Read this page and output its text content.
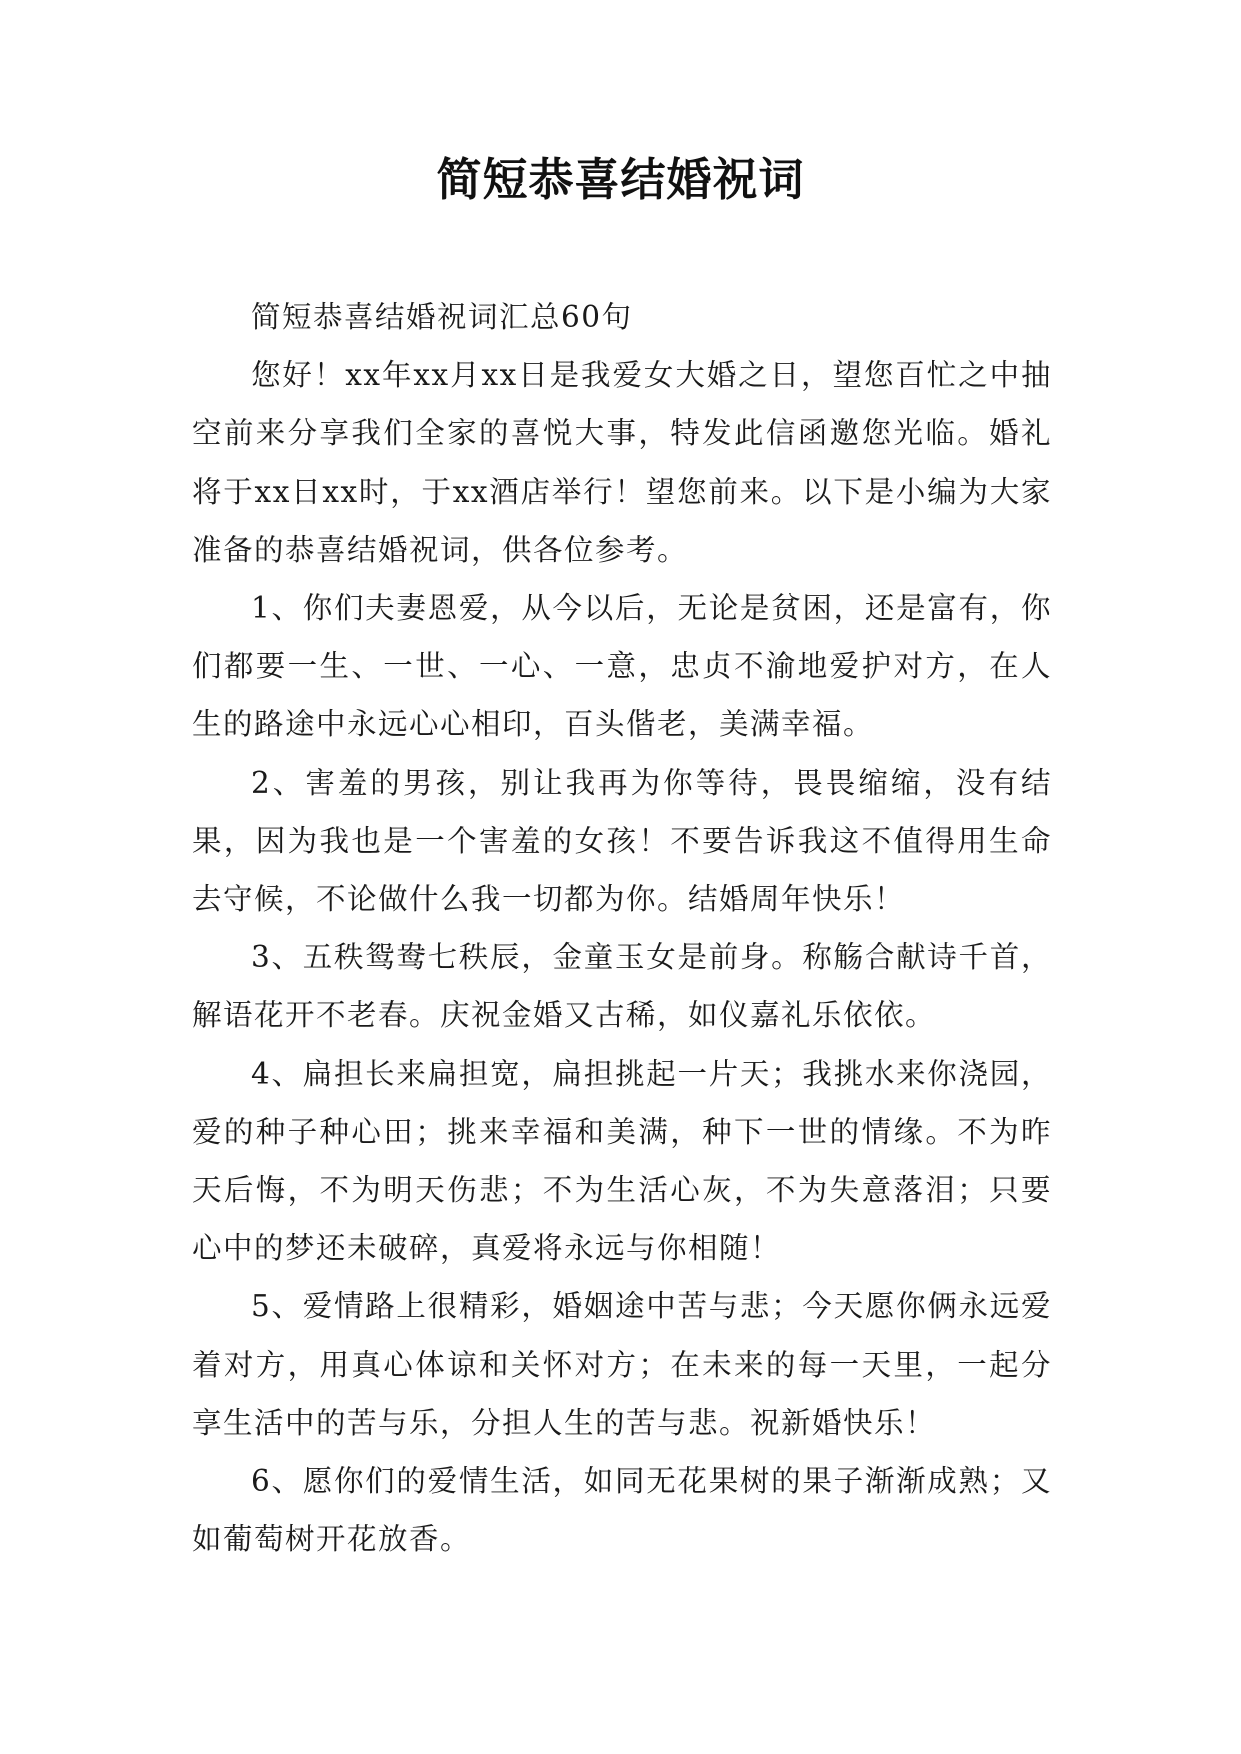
简短恭喜结婚祝词

简短恭喜结婚祝词汇总60句

您好！xx年xx月xx日是我爱女大婚之日，望您百忙之中抽空前来分享我们全家的喜悦大事，特发此信函邀您光临。婚礼将于xx日xx时，于xx酒店举行！望您前来。以下是小编为大家准备的恭喜结婚祝词，供各位参考。

1、你们夫妻恩爱，从今以后，无论是贫困，还是富有，你们都要一生、一世、一心、一意，忠贞不渝地爱护对方，在人生的路途中永远心心相印，百头偕老，美满幸福。

2、害羞的男孩，别让我再为你等待，畏畏缩缩，没有结果，因为我也是一个害羞的女孩！不要告诉我这不值得用生命去守候，不论做什么我一切都为你。结婚周年快乐！

3、五秩鸳鸯七秩辰，金童玉女是前身。称觞合献诗千首，解语花开不老春。庆祝金婚又古稀，如仪嘉礼乐依依。

4、扁担长来扁担宽，扁担挑起一片天；我挑水来你浇园，爱的种子种心田；挑来幸福和美满，种下一世的情缘。不为昨天后悔，不为明天伤悲；不为生活心灰，不为失意落泪；只要心中的梦还未破碎，真爱将永远与你相随！

5、爱情路上很精彩，婚姻途中苦与悲；今天愿你俩永远爱着对方，用真心体谅和关怀对方；在未来的每一天里，一起分享生活中的苦与乐，分担人生的苦与悲。祝新婚快乐！

6、愿你们的爱情生活，如同无花果树的果子渐渐成熟；又如葡萄树开花放香。
